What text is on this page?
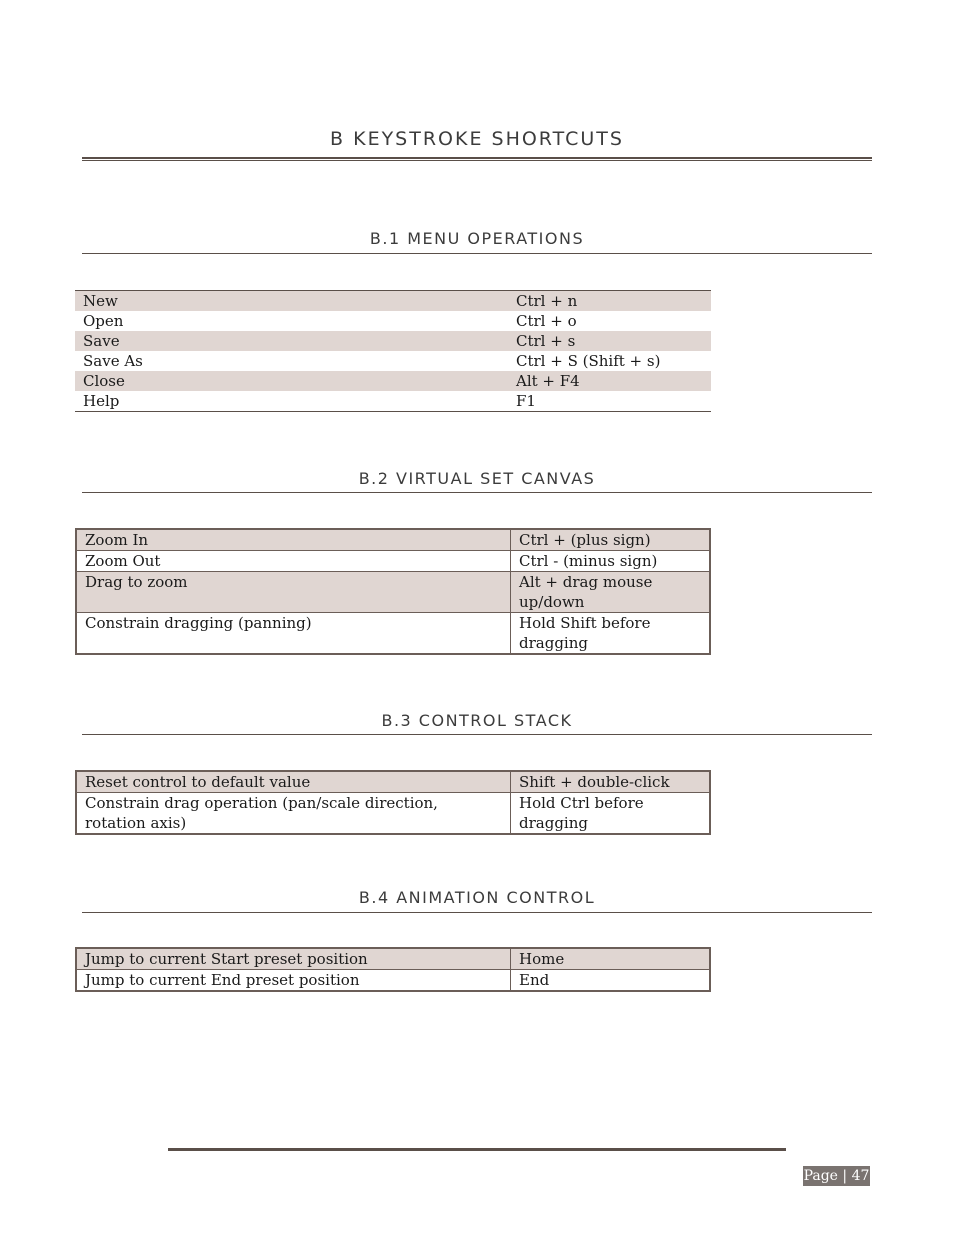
B KEYSTROKE SHORTCUTS
B.1 MENU OPERATIONS
New	Ctrl + n
Open	Ctrl + o
Save	Ctrl + s
Save As	Ctrl + S (Shift + s)
Close	Alt + F4
Help	F1
B.2 VIRTUAL SET CANVAS
Zoom In	Ctrl + (plus sign)
Zoom Out	Ctrl - (minus sign)
Drag to zoom	Alt + drag mouse up/down
Constrain dragging (panning)	Hold Shift before dragging
B.3 CONTROL STACK
Reset control to default value	Shift + double-click
Constrain drag operation (pan/scale direction, rotation axis)	Hold Ctrl before dragging
B.4 ANIMATION CONTROL
Jump to current Start preset position	Home
Jump to current End preset position	End
Page | 47
